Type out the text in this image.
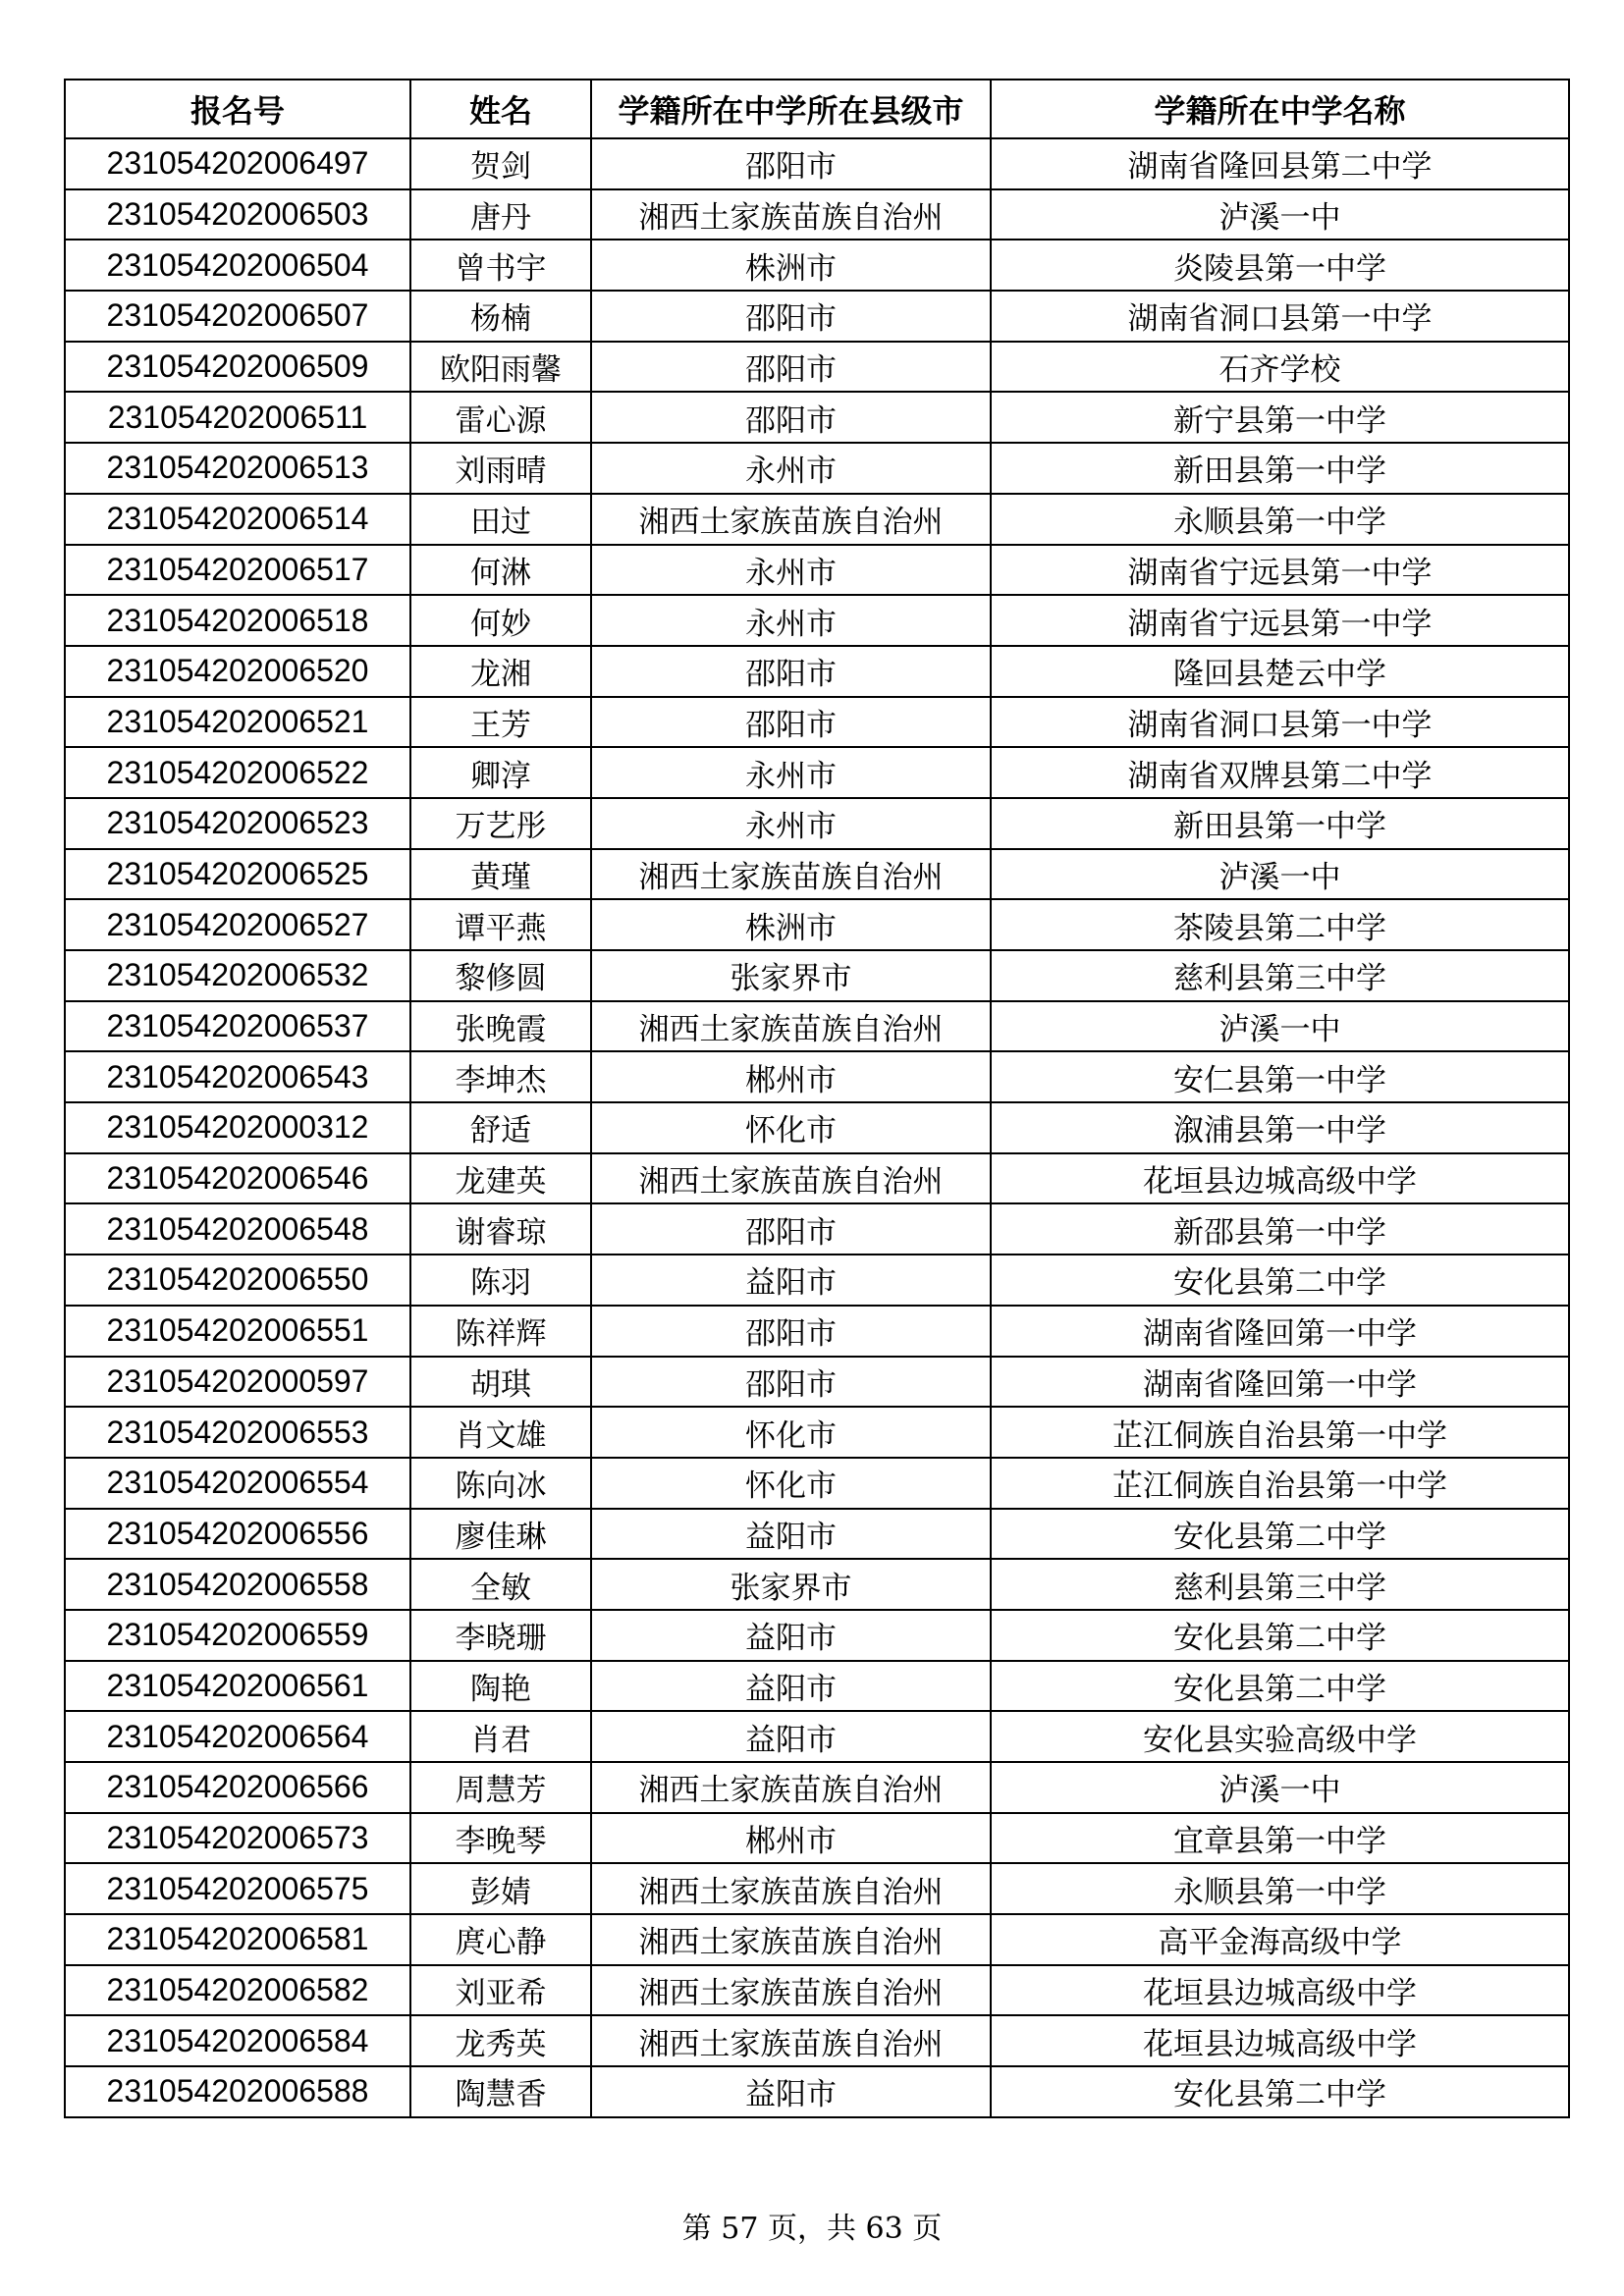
报名号	姓名	学籍所在中学所在县级市	学籍所在中学名称
231054202006497	贺剑	邵阳市	湖南省隆回县第二中学
231054202006503	唐丹	湘西土家族苗族自治州	泸溪一中
231054202006504	曾书宇	株洲市	炎陵县第一中学
231054202006507	杨楠	邵阳市	湖南省洞口县第一中学
231054202006509	欧阳雨馨	邵阳市	石齐学校
231054202006511	雷心源	邵阳市	新宁县第一中学
231054202006513	刘雨晴	永州市	新田县第一中学
231054202006514	田过	湘西土家族苗族自治州	永顺县第一中学
231054202006517	何淋	永州市	湖南省宁远县第一中学
231054202006518	何妙	永州市	湖南省宁远县第一中学
231054202006520	龙湘	邵阳市	隆回县楚云中学
231054202006521	王芳	邵阳市	湖南省洞口县第一中学
231054202006522	卿淳	永州市	湖南省双牌县第二中学
231054202006523	万艺彤	永州市	新田县第一中学
231054202006525	黄瑾	湘西土家族苗族自治州	泸溪一中
231054202006527	谭平燕	株洲市	茶陵县第二中学
231054202006532	黎修圆	张家界市	慈利县第三中学
231054202006537	张晚霞	湘西土家族苗族自治州	泸溪一中
231054202006543	李坤杰	郴州市	安仁县第一中学
231054202000312	舒适	怀化市	溆浦县第一中学
231054202006546	龙建英	湘西土家族苗族自治州	花垣县边城高级中学
231054202006548	谢睿琼	邵阳市	新邵县第一中学
231054202006550	陈羽	益阳市	安化县第二中学
231054202006551	陈祥辉	邵阳市	湖南省隆回第一中学
231054202000597	胡琪	邵阳市	湖南省隆回第一中学
231054202006553	肖文雄	怀化市	芷江侗族自治县第一中学
231054202006554	陈向冰	怀化市	芷江侗族自治县第一中学
231054202006556	廖佳琳	益阳市	安化县第二中学
231054202006558	全敏	张家界市	慈利县第三中学
231054202006559	李晓珊	益阳市	安化县第二中学
231054202006561	陶艳	益阳市	安化县第二中学
231054202006564	肖君	益阳市	安化县实验高级中学
231054202006566	周慧芳	湘西土家族苗族自治州	泸溪一中
231054202006573	李晚琴	郴州市	宜章县第一中学
231054202006575	彭婧	湘西土家族苗族自治州	永顺县第一中学
231054202006581	庹心静	湘西土家族苗族自治州	高平金海高级中学
231054202006582	刘亚希	湘西土家族苗族自治州	花垣县边城高级中学
231054202006584	龙秀英	湘西土家族苗族自治州	花垣县边城高级中学
231054202006588	陶慧香	益阳市	安化县第二中学
第 57 页，共 63 页
